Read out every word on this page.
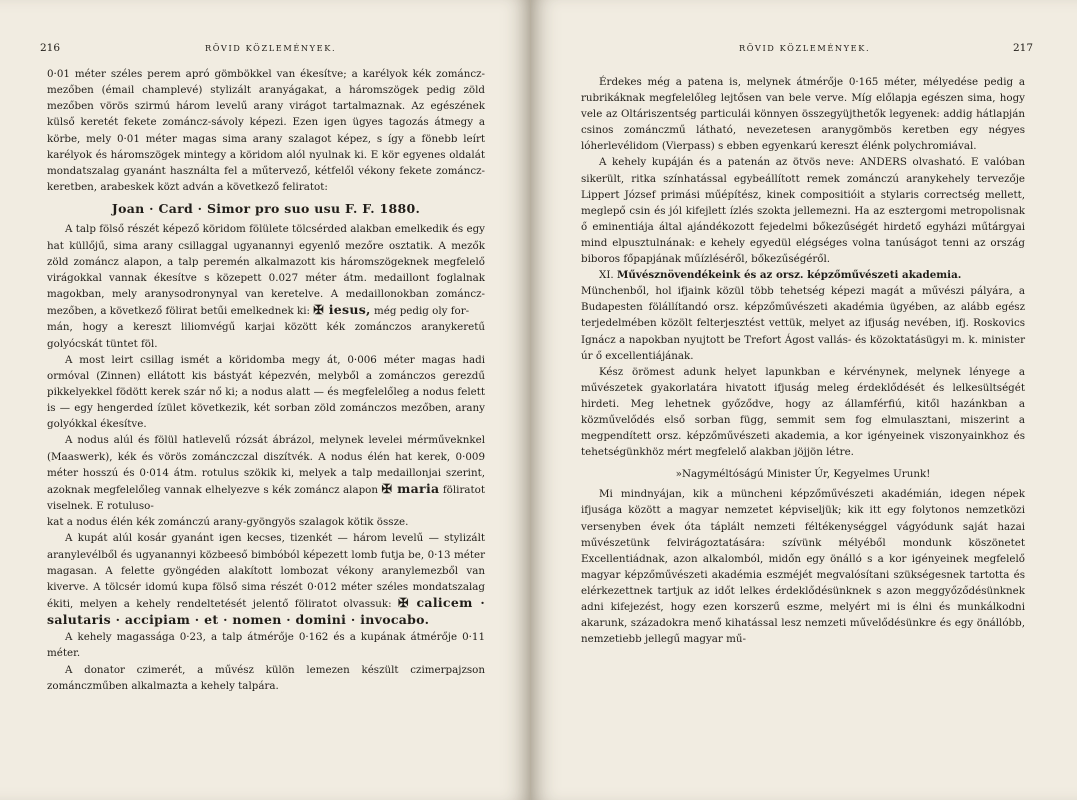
216	RÖVID KÖZLEMÉNYEK.

0·01 méter széles perem apró gömbökkel van ékesítve; a karélyok kék zománcz-mezőben (émail champlevé) stylizált aranyágakat, a háromszögek pedig zöld mezőben vörös szirmú három levelű arany virágot tartalmaznak. Az egészének külső keretét fekete zománcz-sávoly képezi. Ezen igen ügyes tagozás átmegy a körbe, mely 0·01 méter magas sima arany szalagot képez, s így a fönebb leírt karélyok és háromszögek mintegy a köridom alól nyulnak ki. E kör egyenes oldalát mondatszalag gyanánt használta fel a műtervező, kétfelől vékony fekete zománcz-keretben, arabeskek közt adván a következő feliratot:

Joan · Card · Simor pro suo usu F. F. 1880.

A talp fölső részét képező köridom fölülete tölcsérded alakban emelkedik és egy hat küllőjű, sima arany csillaggal ugyanannyi egyenlő mezőre osztatik. A mezők zöld zománcz alapon, a talp peremén alkalmazott kis háromszögeknek megfelelő virágokkal vannak ékesítve s közepett 0.027 méter átm. medaillont foglalnak magokban, mely aranysodronynyal van keretelve. A medaillonokban zománcz-mezőben, a következő fölirat betűi emelkednek ki: ✠ iesus, még pedig oly for-

mán, hogy a kereszt liliomvégű karjai között kék zománczos aranykeretű golyócskát tüntet föl.

A most leirt csillag ismét a köridomba megy át, 0·006 méter magas hadi ormóval (Zinnen) ellátott kis bástyát képezvén, melyből a zománczos gerezdű pikkelyekkel födött kerek szár nő ki; a nodus alatt — és megfelelőleg a nodus felett is — egy hengerded ízület következik, két sorban zöld zománczos mezőben, arany golyókkal ékesítve.

A nodus alúl és fölül hatlevelű rózsát ábrázol, melynek levelei mérműveknkel (Maaswerk), kék és vörös zománczczal diszítvék. A nodus élén hat kerek, 0·009 méter hosszú és 0·014 átm. rotulus szökik ki, melyek a talp medaillonjai szerint, azoknak megfelelőleg vannak elhelyezve s kék zománcz alapon ✠ maria föliratot viselnek. E rotuluso-

kat a nodus élén kék zománczú arany-gyöngyös szalagok kötik össze.

A kupát alúl kosár gyanánt igen kecses, tizenkét — három levelű — stylizált aranylevélből és ugyanannyi közbeeső bimbóból képezett lomb futja be, 0·13 méter magasan. A felette gyöngéden alakított lombozat vékony aranylemezből van kiverve. A tölcsér idomú kupa fölső sima részét 0·012 méter széles mondatszalag ékiti, melyen a kehely rendeltetését jelentő föliratot olvassuk: ✠ calicem · salutaris · accipiam · et · nomen · domini · invocabo.

A kehely magassága 0·23, a talp átmérője 0·162 és a kupának átmérője 0·11 méter.

A donator czimerét, a művész külön lemezen készült czimerpajzson zománczműben alkalmazta a kehely talpára.

RÖVID KÖZLEMÉNYEK.	217

Érdekes még a patena is, melynek átmérője 0·165 méter, mélyedése pedig a rubrikáknak megfelelőleg lejtősen van bele verve. Míg előlapja egészen sima, hogy vele az Oltáriszentség particulái könnyen összegyüjthetők legyenek: addig hátlapján csinos zománczmű látható, nevezetesen aranygömbös keretben egy négyes lóherlevélidom (Vierpass) s ebben egyenkarú kereszt élénk polychromiával.

A kehely kupáján és a patenán az ötvös neve: ANDERS olvasható. E valóban sikerült, ritka színhatással egybeállított remek zománczú aranykehely tervezője Lippert József primási műépítész, kinek compositióit a stylaris correctség mellett, meglepő csin és jól kifejlett ízlés szokta jellemezni. Ha az esztergomi metropolisnak ő eminentiája által ajándékozott fejedelmi bőkezűségét hirdető egyházi műtárgyai mind elpusztulnának: e kehely egyedül elégséges volna tanúságot tenni az ország biboros főpapjának műízléséről, bőkezűségéről.

XI. Művésznövendékeink és az orsz. képzőművészeti akademia.

Münchenből, hol ifjaink közül több tehetség képezi magát a művészi pályára, a Budapesten fölállítandó orsz. képzőművészeti akadémia ügyében, az alább egész terjedelmében közölt felterjesztést vettük, melyet az ifjuság nevében, ifj. Roskovics Ignácz a napokban nyujtott be Trefort Ágost vallás- és közoktatásügyi m. k. minister úr ő excellentiájának.

Kész örömest adunk helyet lapunkban e kérvénynek, melynek lényege a művészetek gyakorlatára hivatott ifjuság meleg érdeklődését és lelkesültségét hirdeti. Meg lehetnek győződve, hogy az államférfiú, kitől hazánkban a közművelődés első sorban függ, semmit sem fog elmulasztani, miszerint a megpendített orsz. képzőművészeti akademia, a kor igényeinek viszonyainkhoz és tehetségünkhöz mért megfelelő alakban jöjjön létre.

»Nagyméltóságú Minister Úr, Kegyelmes Urunk!

Mi mindnyájan, kik a müncheni képzőművészeti akadémián, idegen népek ifjusága között a magyar nemzetet képviseljük; kik itt egy folytonos nemzetközi versenyben évek óta táplált nemzeti féltékenységgel vágyódunk saját hazai művészetünk felvirágoztatására: szívünk mélyéből mondunk köszönetet Excellentiádnak, azon alkalomból, midőn egy önálló s a kor igényeinek megfelelő magyar képzőművészeti akadémia eszméjét megvalósítani szükségesnek tartotta és elérkezettnek tartjuk az időt lelkes érdeklődésünknek s azon meggyőződésünknek adni kifejezést, hogy ezen korszerű eszme, melyért mi is élni és munkálkodni akarunk, századokra menő kihatással lesz nemzeti művelődésünkre és egy önállóbb, nemzetiebb jellegű magyar mű-
